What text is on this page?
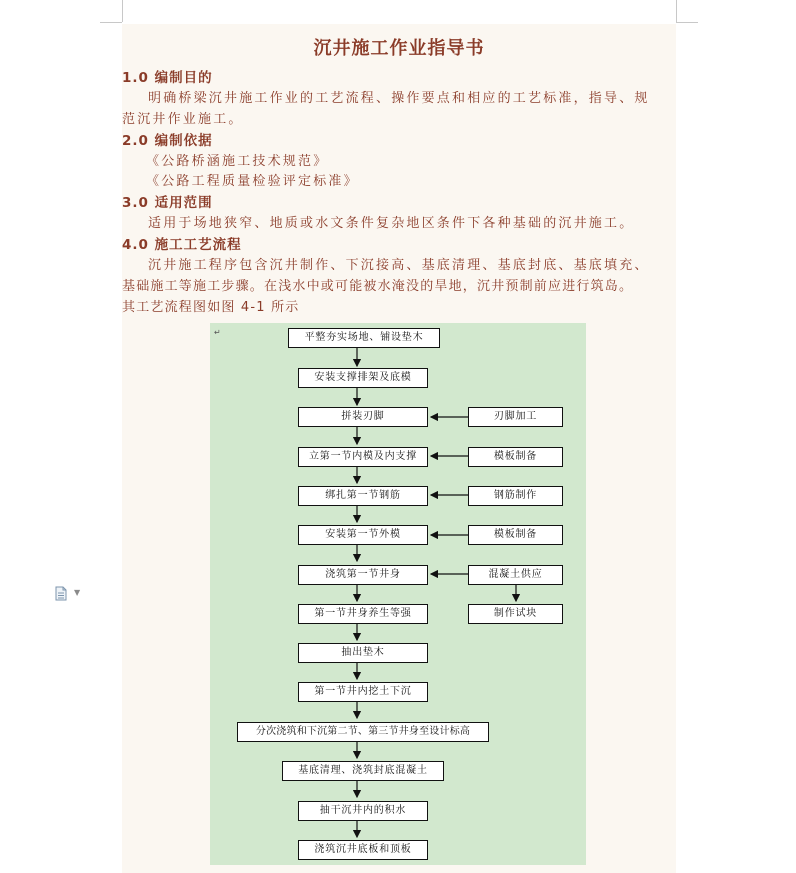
▼
沉井施工作业指导书
1.0 编制目的
明确桥梁沉井施工作业的工艺流程、操作要点和相应的工艺标准，指导、规
范沉井作业施工。
2.0 编制依据
《公路桥涵施工技术规范》
《公路工程质量检验评定标准》
3.0 适用范围
适用于场地狭窄、地质或水文条件复杂地区条件下各种基础的沉井施工。
4.0 施工工艺流程
沉井施工程序包含沉井制作、下沉接高、基底清理、基底封底、基底填充、
基础施工等施工步骤。在浅水中或可能被水淹没的旱地，沉井预制前应进行筑岛。
其工艺流程图如图 4-1 所示
↵	平整夯实场地、铺设垫木
安装支撑排架及底模
拼装刃脚
立第一节内模及内支撑
绑扎第一节钢筋
安装第一节外模
浇筑第一节井身
第一节井身养生等强
抽出垫木
第一节井内挖土下沉
分次浇筑和下沉第二节、第三节井身至设计标高
基底清理、浇筑封底混凝土
抽干沉井内的积水
浇筑沉井底板和顶板
刃脚加工
模板制备
钢筋制作
模板制备
混凝土供应
制作试块
